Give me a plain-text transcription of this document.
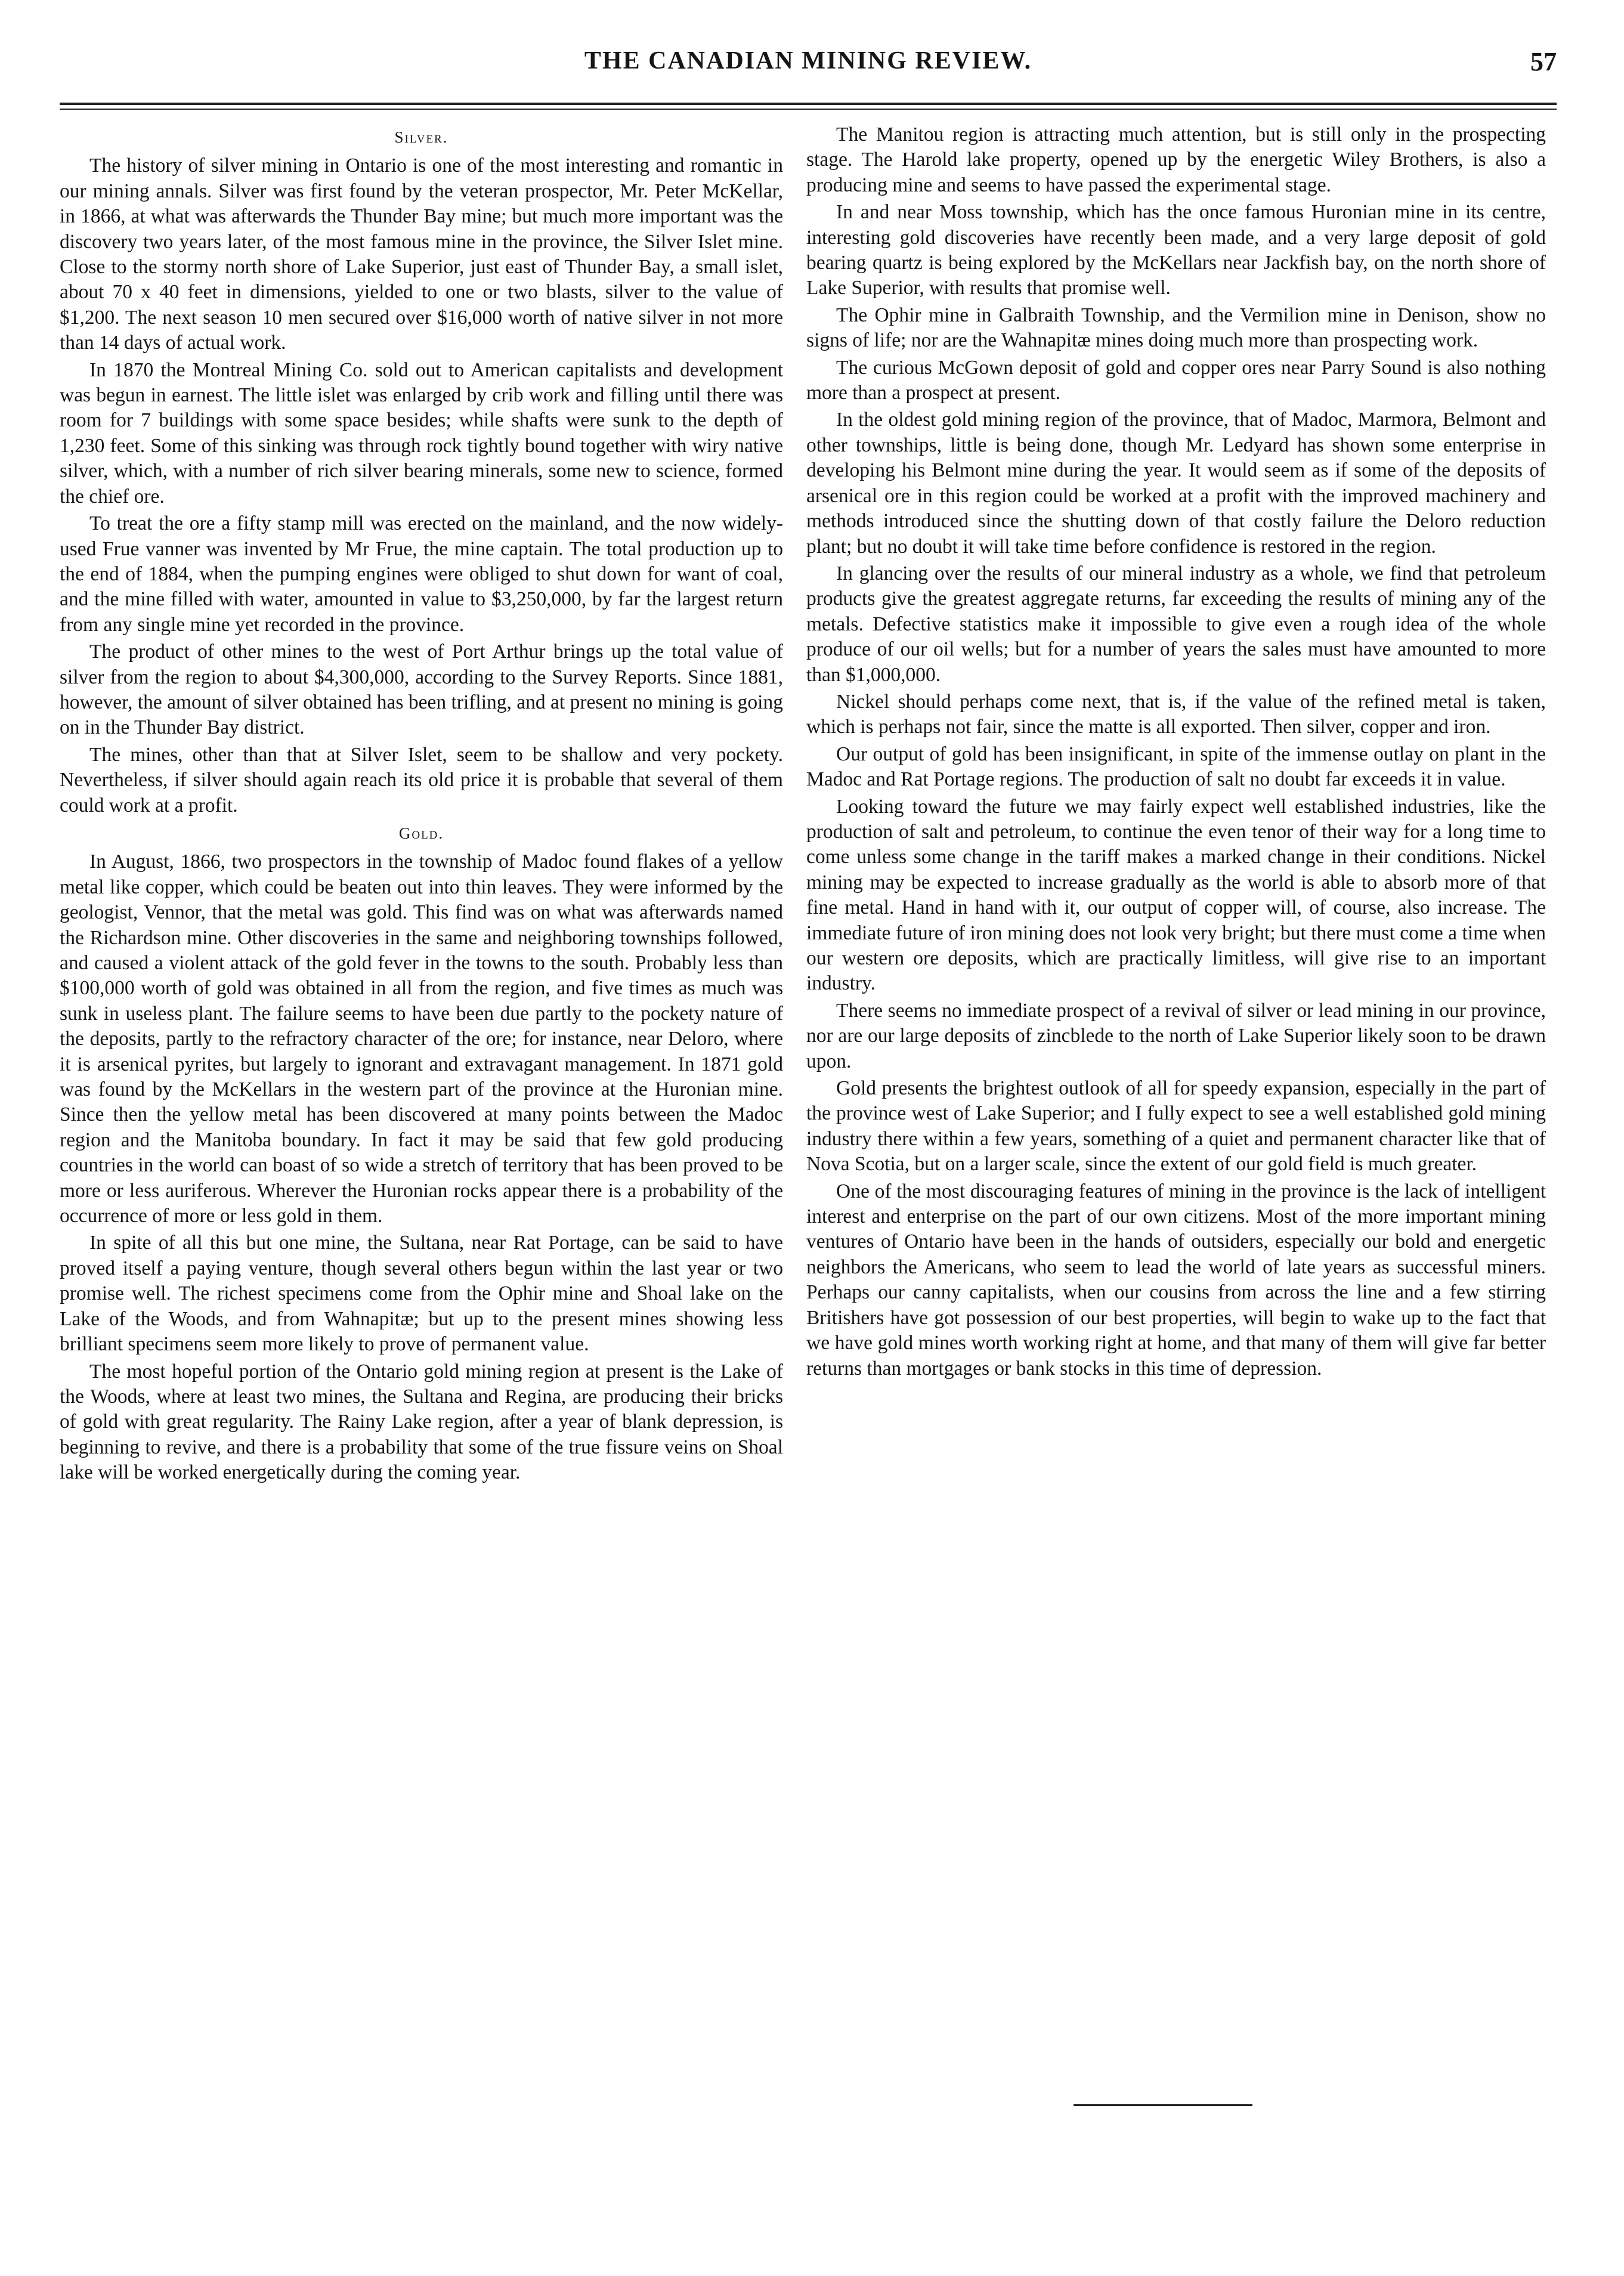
THE CANADIAN MINING REVIEW.	57
Silver.

The history of silver mining in Ontario is one of the most interesting and romantic in our mining annals. Silver was first found by the veteran prospector, Mr. Peter McKellar, in 1866, at what was afterwards the Thunder Bay mine; but much more important was the discovery two years later, of the most famous mine in the province, the Silver Islet mine. Close to the stormy north shore of Lake Superior, just east of Thunder Bay, a small islet, about 70 x 40 feet in dimensions, yielded to one or two blasts, silver to the value of $1,200. The next season 10 men secured over $16,000 worth of native silver in not more than 14 days of actual work.

In 1870 the Montreal Mining Co. sold out to American capitalists and development was begun in earnest. The little islet was enlarged by crib work and filling until there was room for 7 buildings with some space besides; while shafts were sunk to the depth of 1,230 feet. Some of this sinking was through rock tightly bound together with wiry native silver, which, with a number of rich silver bearing minerals, some new to science, formed the chief ore.

To treat the ore a fifty stamp mill was erected on the mainland, and the now widely-used Frue vanner was invented by Mr Frue, the mine captain. The total production up to the end of 1884, when the pumping engines were obliged to shut down for want of coal, and the mine filled with water, amounted in value to $3,250,000, by far the largest return from any single mine yet recorded in the province.

The product of other mines to the west of Port Arthur brings up the total value of silver from the region to about $4,300,000, according to the Survey Reports. Since 1881, however, the amount of silver obtained has been trifling, and at present no mining is going on in the Thunder Bay district.

The mines, other than that at Silver Islet, seem to be shallow and very pockety. Nevertheless, if silver should again reach its old price it is probable that several of them could work at a profit.

Gold.

In August, 1866, two prospectors in the township of Madoc found flakes of a yellow metal like copper, which could be beaten out into thin leaves. They were informed by the geologist, Vennor, that the metal was gold. This find was on what was afterwards named the Richardson mine. Other discoveries in the same and neighboring townships followed, and caused a violent attack of the gold fever in the towns to the south. Probably less than $100,000 worth of gold was obtained in all from the region, and five times as much was sunk in useless plant. The failure seems to have been due partly to the pockety nature of the deposits, partly to the refractory character of the ore; for instance, near Deloro, where it is arsenical pyrites, but largely to ignorant and extravagant management. In 1871 gold was found by the McKellars in the western part of the province at the Huronian mine. Since then the yellow metal has been discovered at many points between the Madoc region and the Manitoba boundary. In fact it may be said that few gold producing countries in the world can boast of so wide a stretch of territory that has been proved to be more or less auriferous. Wherever the Huronian rocks appear there is a probability of the occurrence of more or less gold in them.

In spite of all this but one mine, the Sultana, near Rat Portage, can be said to have proved itself a paying venture, though several others begun within the last year or two promise well. The richest specimens come from the Ophir mine and Shoal lake on the Lake of the Woods, and from Wahnapitæ; but up to the present mines showing less brilliant specimens seem more likely to prove of permanent value.

The most hopeful portion of the Ontario gold mining region at present is the Lake of the Woods, where at least two mines, the Sultana and Regina, are producing their bricks of gold with great regularity. The Rainy Lake region, after a year of blank depression, is beginning to revive, and there is a probability that some of the true fissure veins on Shoal lake will be worked energetically during the coming year.

The Manitou region is attracting much attention, but is still only in the prospecting stage. The Harold lake property, opened up by the energetic Wiley Brothers, is also a producing mine and seems to have passed the experimental stage.

In and near Moss township, which has the once famous Huronian mine in its centre, interesting gold discoveries have recently been made, and a very large deposit of gold bearing quartz is being explored by the McKellars near Jackfish bay, on the north shore of Lake Superior, with results that promise well.

The Ophir mine in Galbraith Township, and the Vermilion mine in Denison, show no signs of life; nor are the Wahnapitæ mines doing much more than prospecting work.

The curious McGown deposit of gold and copper ores near Parry Sound is also nothing more than a prospect at present.

In the oldest gold mining region of the province, that of Madoc, Marmora, Belmont and other townships, little is being done, though Mr. Ledyard has shown some enterprise in developing his Belmont mine during the year. It would seem as if some of the deposits of arsenical ore in this region could be worked at a profit with the improved machinery and methods introduced since the shutting down of that costly failure the Deloro reduction plant; but no doubt it will take time before confidence is restored in the region.

In glancing over the results of our mineral industry as a whole, we find that petroleum products give the greatest aggregate returns, far exceeding the results of mining any of the metals. Defective statistics make it impossible to give even a rough idea of the whole produce of our oil wells; but for a number of years the sales must have amounted to more than $1,000,000.

Nickel should perhaps come next, that is, if the value of the refined metal is taken, which is perhaps not fair, since the matte is all exported. Then silver, copper and iron.

Our output of gold has been insignificant, in spite of the immense outlay on plant in the Madoc and Rat Portage regions. The production of salt no doubt far exceeds it in value.

Looking toward the future we may fairly expect well established industries, like the production of salt and petroleum, to continue the even tenor of their way for a long time to come unless some change in the tariff makes a marked change in their conditions. Nickel mining may be expected to increase gradually as the world is able to absorb more of that fine metal. Hand in hand with it, our output of copper will, of course, also increase. The immediate future of iron mining does not look very bright; but there must come a time when our western ore deposits, which are practically limitless, will give rise to an important industry.

There seems no immediate prospect of a revival of silver or lead mining in our province, nor are our large deposits of zincblede to the north of Lake Superior likely soon to be drawn upon.

Gold presents the brightest outlook of all for speedy expansion, especially in the part of the province west of Lake Superior; and I fully expect to see a well established gold mining industry there within a few years, something of a quiet and permanent character like that of Nova Scotia, but on a larger scale, since the extent of our gold field is much greater.

One of the most discouraging features of mining in the province is the lack of intelligent interest and enterprise on the part of our own citizens. Most of the more important mining ventures of Ontario have been in the hands of outsiders, especially our bold and energetic neighbors the Americans, who seem to lead the world of late years as successful miners. Perhaps our canny capitalists, when our cousins from across the line and a few stirring Britishers have got possession of our best properties, will begin to wake up to the fact that we have gold mines worth working right at home, and that many of them will give far better returns than mortgages or bank stocks in this time of depression.
